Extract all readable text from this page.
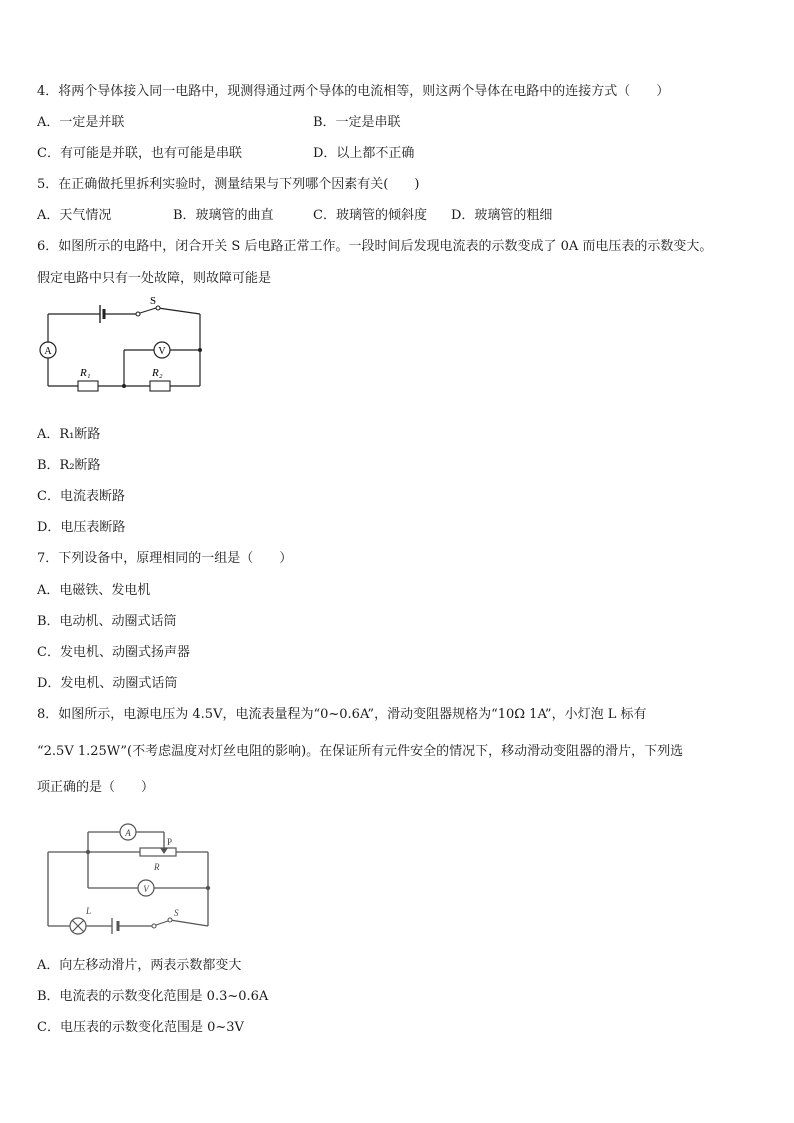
4．将两个导体接入同一电路中，现测得通过两个导体的电流相等，则这两个导体在电路中的连接方式（　　）
A．一定是并联	B．一定是串联
C．有可能是并联，也有可能是串联	D．以上都不正确
5．在正确做托里拆利实验时，测量结果与下列哪个因素有关(　　)
A．天气情况	B．玻璃管的曲直	C．玻璃管的倾斜度 D．玻璃管的粗细
6．如图所示的电路中，闭合开关 S 后电路正常工作。一段时间后发现电流表的示数变成了 0A 而电压表的示数变大。
假定电路中只有一处故障，则故障可能是
S
A	V
R₁	R₂
A．R₁断路
B．R₂断路
C．电流表断路
D．电压表断路
7．下列设备中，原理相同的一组是（　　）
A．电磁铁、发电机
B．电动机、动圈式话筒
C．发电机、动圈式扬声器
D．发电机、动圈式话筒
8．如图所示，电源电压为 4.5V，电流表量程为“0~0.6A”，滑动变阻器规格为“10Ω 1A”，小灯泡 L 标有
“2.5V 1.25W”(不考虑温度对灯丝电阻的影响)。在保证所有元件安全的情况下，移动滑动变阻器的滑片，下列选
项正确的是（　　）
A
P
R
V
L	S
A．向左移动滑片，两表示数都变大
B．电流表的示数变化范围是 0.3~0.6A
C．电压表的示数变化范围是 0~3V
